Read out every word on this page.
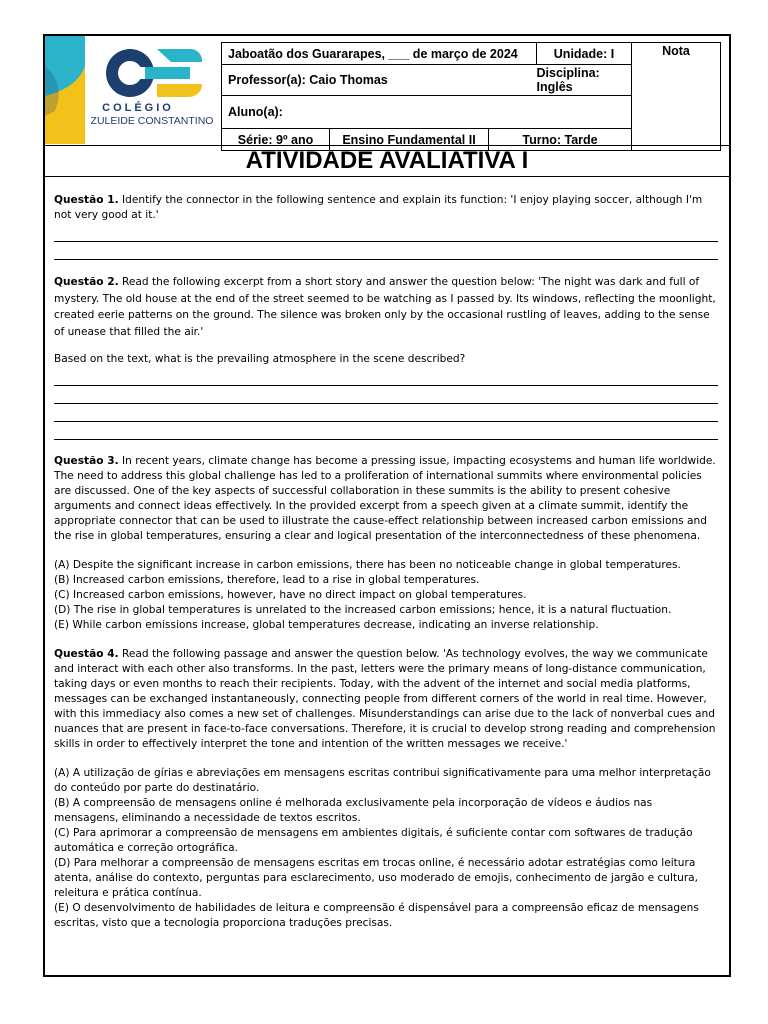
COLÉGIO
ZULEIDE CONSTANTINO
Jaboatão dos Guararapes, ___ de março de 2024	Unidade: I	Nota
Professor(a): Caio Thomas	Disciplina: Inglês
Aluno(a):

Série: 9º ano	Ensino Fundamental II	Turno: Tarde
ATIVIDADE AVALIATIVA I

Questão 1. Identify the connector in the following sentence and explain its function: 'I enjoy playing soccer, although I'm not very good at it.'

Questão 2. Read the following excerpt from a short story and answer the question below: 'The night was dark and full of mystery. The old house at the end of the street seemed to be watching as I passed by. Its windows, reflecting the moonlight, created eerie patterns on the ground. The silence was broken only by the occasional rustling of leaves, adding to the sense of unease that filled the air.'

Based on the text, what is the prevailing atmosphere in the scene described?

Questão 3. In recent years, climate change has become a pressing issue, impacting ecosystems and human life worldwide. The need to address this global challenge has led to a proliferation of international summits where environmental policies are discussed. One of the key aspects of successful collaboration in these summits is the ability to present cohesive arguments and connect ideas effectively. In the provided excerpt from a speech given at a climate summit, identify the appropriate connector that can be used to illustrate the cause-effect relationship between increased carbon emissions and the rise in global temperatures, ensuring a clear and logical presentation of the interconnectedness of these phenomena.

(A) Despite the significant increase in carbon emissions, there has been no noticeable change in global temperatures.

(B) Increased carbon emissions, therefore, lead to a rise in global temperatures.

(C) Increased carbon emissions, however, have no direct impact on global temperatures.

(D) The rise in global temperatures is unrelated to the increased carbon emissions; hence, it is a natural fluctuation.

(E) While carbon emissions increase, global temperatures decrease, indicating an inverse relationship.

Questão 4. Read the following passage and answer the question below. 'As technology evolves, the way we communicate and interact with each other also transforms. In the past, letters were the primary means of long-distance communication, taking days or even months to reach their recipients. Today, with the advent of the internet and social media platforms, messages can be exchanged instantaneously, connecting people from different corners of the world in real time. However, with this immediacy also comes a new set of challenges. Misunderstandings can arise due to the lack of nonverbal cues and nuances that are present in face-to-face conversations. Therefore, it is crucial to develop strong reading and comprehension skills in order to effectively interpret the tone and intention of the written messages we receive.'

(A) A utilização de gírias e abreviações em mensagens escritas contribui significativamente para uma melhor interpretação do conteúdo por parte do destinatário.

(B) A compreensão de mensagens online é melhorada exclusivamente pela incorporação de vídeos e áudios nas mensagens, eliminando a necessidade de textos escritos.

(C) Para aprimorar a compreensão de mensagens em ambientes digitais, é suficiente contar com softwares de tradução automática e correção ortográfica.

(D) Para melhorar a compreensão de mensagens escritas em trocas online, é necessário adotar estratégias como leitura atenta, análise do contexto, perguntas para esclarecimento, uso moderado de emojis, conhecimento de jargão e cultura, releitura e prática contínua.

(E) O desenvolvimento de habilidades de leitura e compreensão é dispensável para a compreensão eficaz de mensagens escritas, visto que a tecnologia proporciona traduções precisas.
